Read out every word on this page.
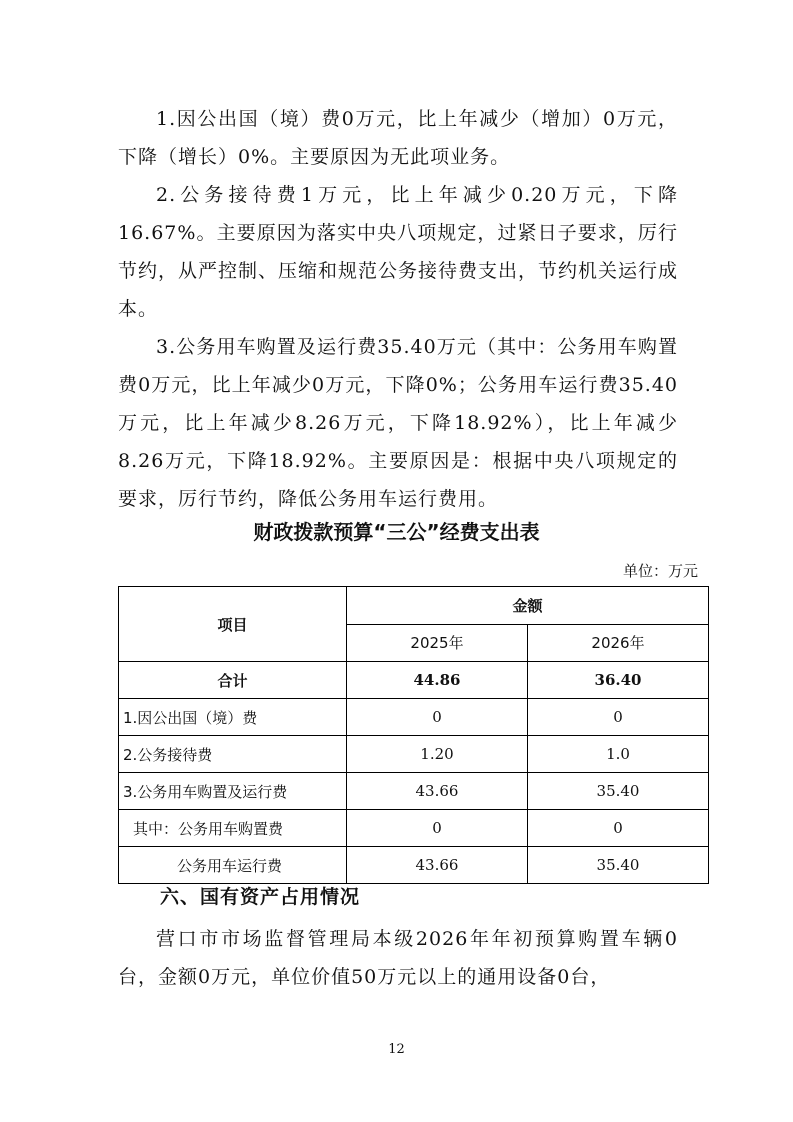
1.因公出国（境）费0万元，比上年减少（增加）0万元，下降（增长）0%。主要原因为无此项业务。

2.公务接待费1万元，比上年减少0.20万元，下降16.67%。主要原因为落实中央八项规定，过紧日子要求，厉行节约，从严控制、压缩和规范公务接待费支出，节约机关运行成本。

3.公务用车购置及运行费35.40万元（其中：公务用车购置费0万元，比上年减少0万元，下降0%；公务用车运行费35.40万元，比上年减少8.26万元，下降18.92%），比上年减少8.26万元，下降18.92%。主要原因是：根据中央八项规定的要求，厉行节约，降低公务用车运行费用。

财政拨款预算“三公”经费支出表
单位：万元
项目	金额	
	2025年	2026年
合计	44.86	36.40
1.因公出国（境）费	0	0
2.公务接待费	1.20	1.0
3.公务用车购置及运行费	43.66	35.40
其中：公务用车购置费	0	0
公务用车运行费	43.66	35.40
六、国有资产占用情况

营口市市场监督管理局本级2026年年初预算购置车辆0台，金额0万元，单位价值50万元以上的通用设备0台，

12
